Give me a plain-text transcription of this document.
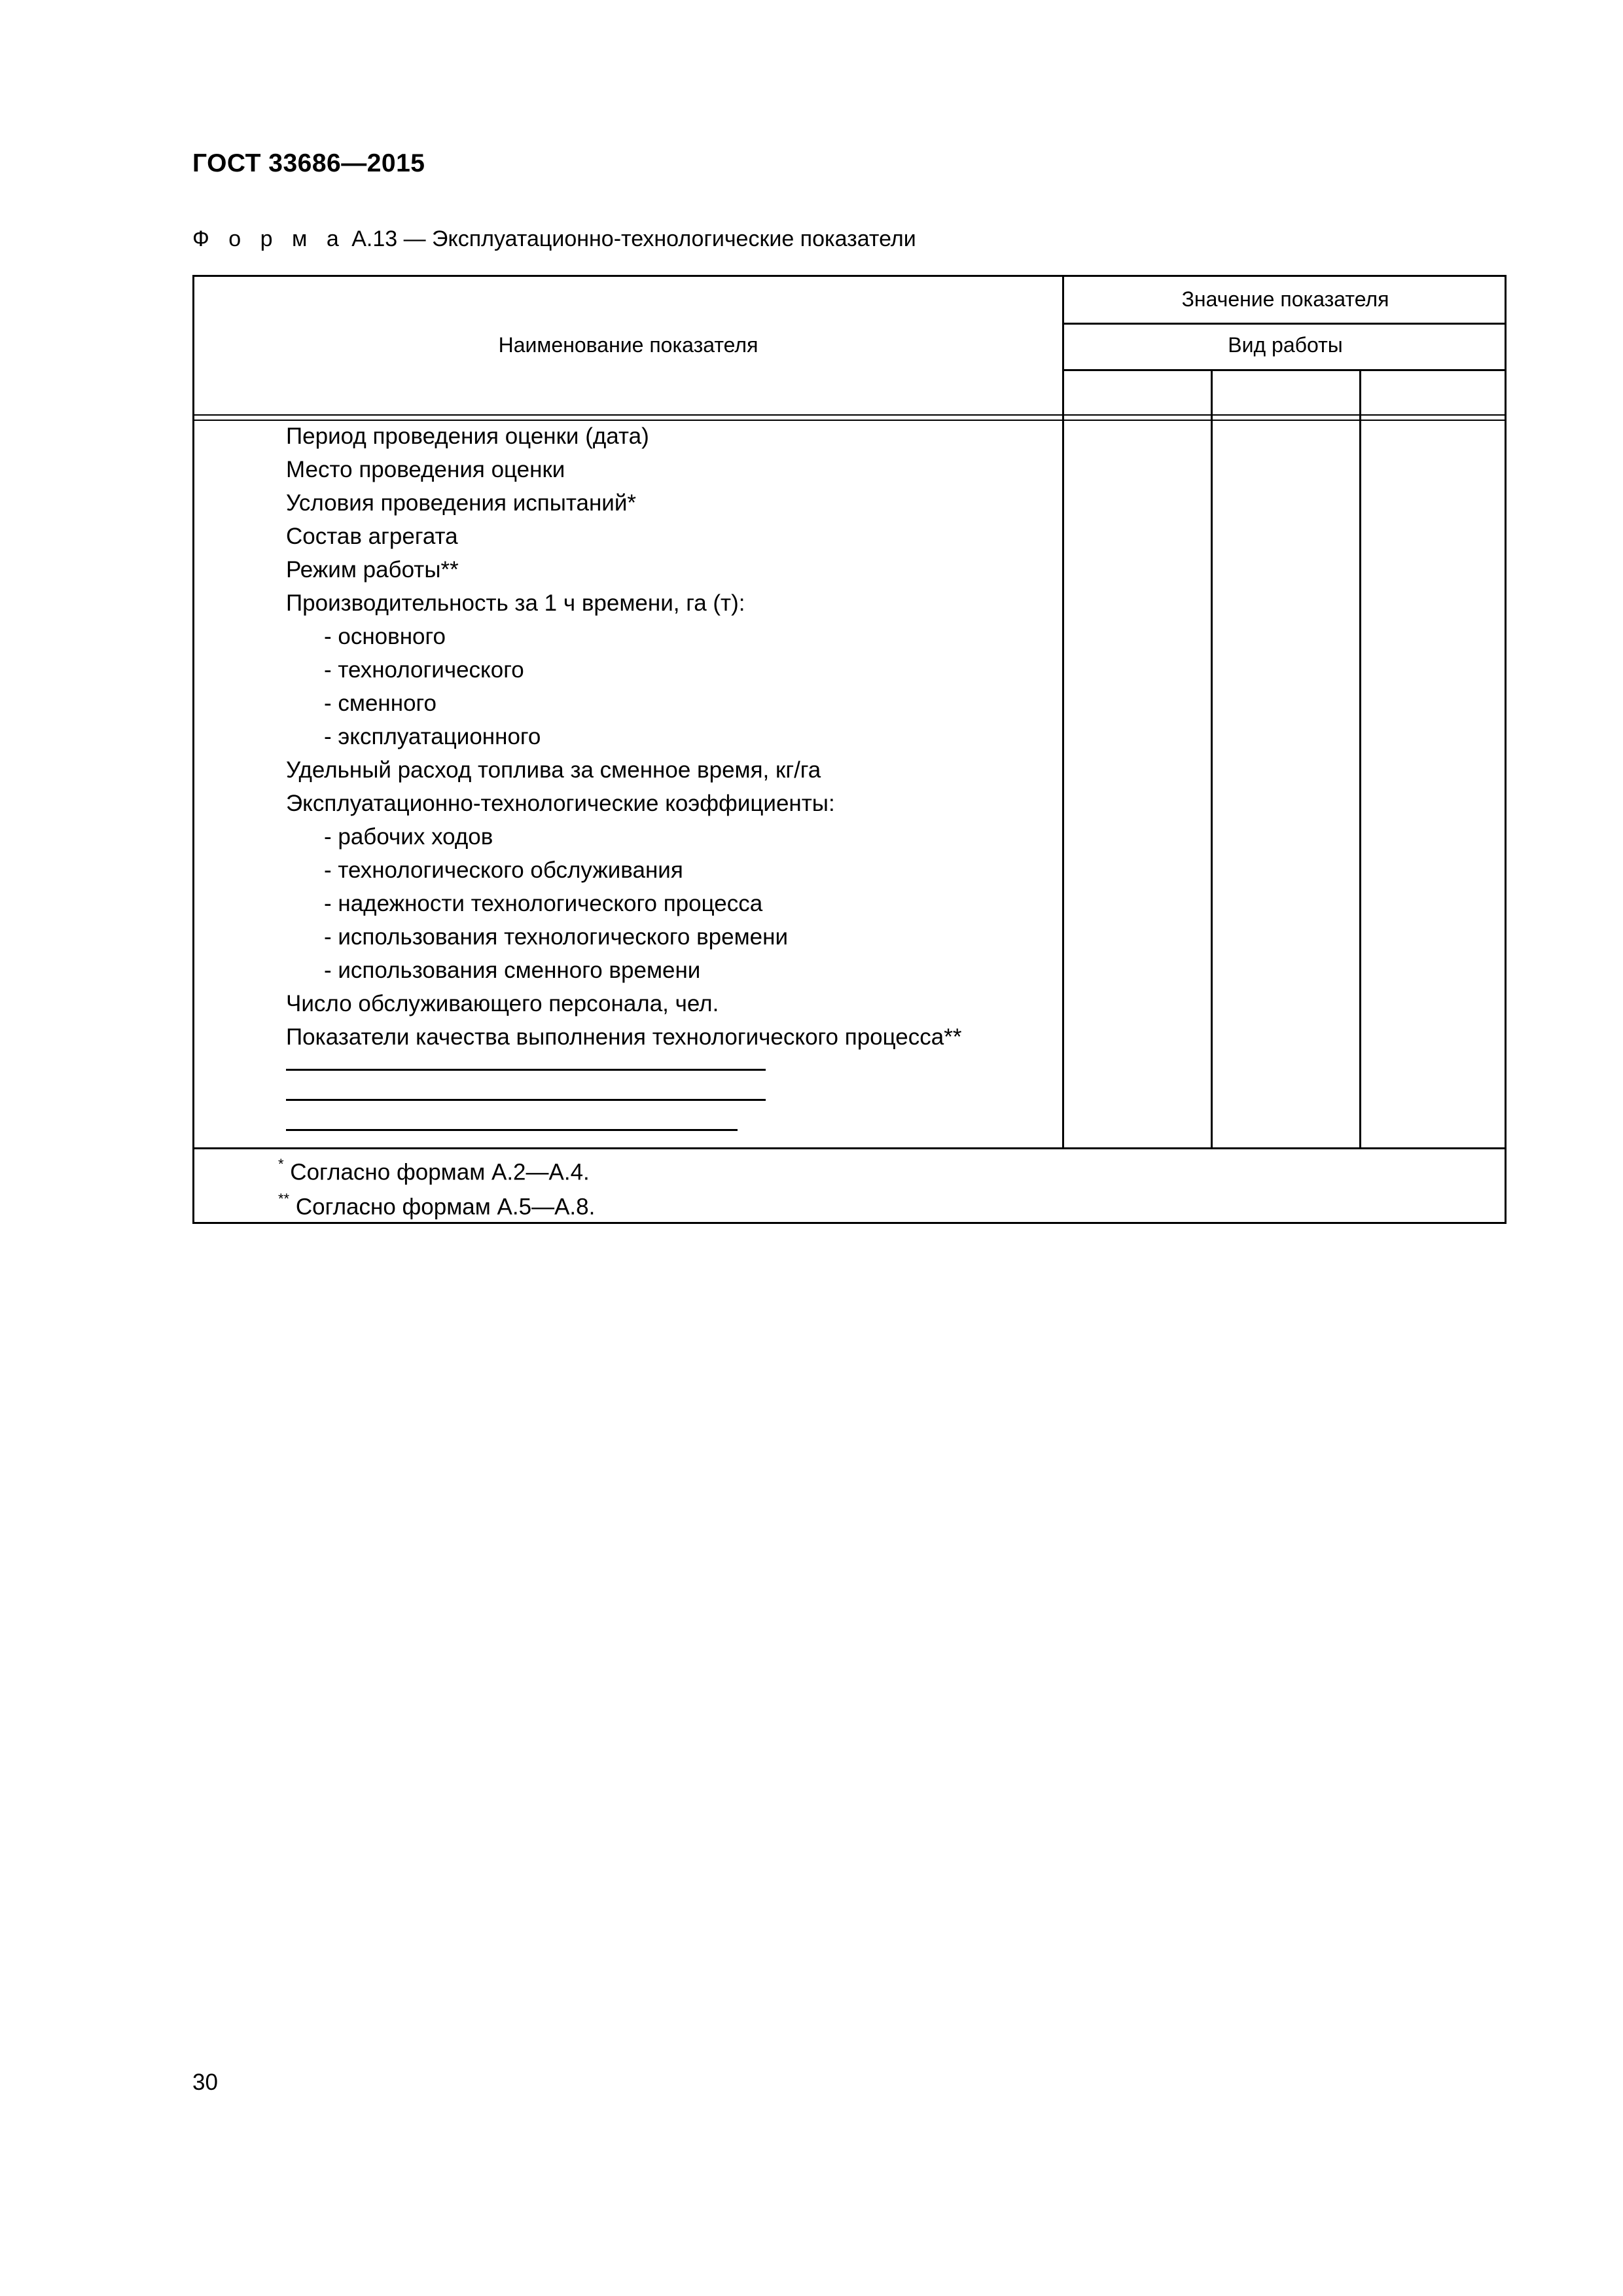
ГОСТ 33686—2015
Ф о р м а А.13 — Эксплуатационно-технологические показатели
Наименование показателя
Значение показателя
Вид работы
Период проведения оценки (дата)
Место проведения оценки
Условия проведения испытаний*
Состав агрегата
Режим работы**
Производительность за 1 ч времени, га (т):
- основного
- технологического
- сменного
- эксплуатационного
Удельный расход топлива за сменное время, кг/га
Эксплуатационно-технологические коэффициенты:
- рабочих ходов
- технологического обслуживания
- надежности технологического процесса
- использования технологического времени
- использования сменного времени
Число обслуживающего персонала, чел.
Показатели качества выполнения технологического процесса**
* Согласно формам А.2—А.4.
** Согласно формам А.5—А.8.
30
